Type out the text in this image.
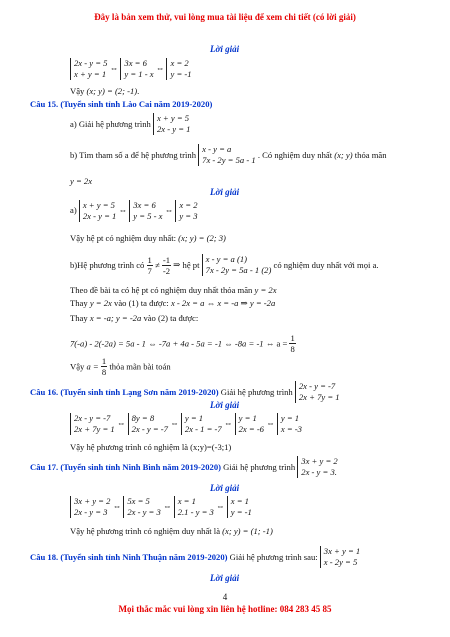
Đây là bản xem thử, vui lòng mua tài liệu để xem chi tiết (có lời giải)
Lời giải
2x - y = 5
x + y = 1
⇔ 3x = 6
y = 1 - x
⇔ x = 2
y = -1
Vậy (x; y) = (2; -1).
Câu 15. (Tuyển sinh tỉnh Lào Cai năm 2019-2020)
a) Giải hệ phương trình
x + y = 5
2x - y = 1
b) Tìm tham số a để hệ phương trình
x - y = a
7x - 2y = 5a - 1 . Có nghiệm duy nhất (x; y) thỏa mãn
y = 2x
Lời giải
a) x + y = 5
2x - y = 1
⇔ 3x = 6
y = 5 - x
⇔ x = 2
y = 3
Vậy hệ pt có nghiệm duy nhất: (x; y) = (2; 3)
b)Hệ phương trình có $\frac{1}{7} \ne \frac{-1}{-2}$ ⇒ hệ pt
x - y = a (1)
7x - 2y = 5a - 1 (2) có nghiệm duy nhất với mọi a.
Theo đề bài ta có hệ pt có nghiệm duy nhất thỏa mãn y = 2x
Thay y = 2x vào (1) ta được: x - 2x = a ⇔ x = -a ⇒ y = -2a
Thay x = -a; y = -2a vào (2) ta được:
7(-a) - 2(-2a) = 5a - 1 ⇔ -7a + 4a - 5a = -1 ⇔ -8a = -1 ⇔ $a = \frac{1}{8}$
Vậy $a = \frac{1}{8}$ thỏa mãn bài toán
Câu 16. (Tuyển sinh tỉnh Lạng Sơn năm 2019-2020) Giải hệ phương trình
2x - y = -7
2x + 7y = 1
Lời giải
2x - y = -7
2x + 7y = 1
⇔ 8y = 8
2x - y = -7
⇔ y = 1
2x - 1 = -7
⇔ y = 1
2x = -6
⇔ y = 1
x = -3
Vậy hệ phương trình có nghiệm là (x;y)=(-3;1)
Câu 17. (Tuyển sinh tỉnh Ninh Bình năm 2019-2020) Giải hệ phương trình
3x + y = 2
2x - y = 3.
Lời giải
3x + y = 2
2x - y = 3
⇔ 5x = 5
2x - y = 3
⇔ x = 1
2.1 - y = 3
⇔ x = 1
y = -1
Vậy hệ phương trình có nghiệm duy nhất là (x; y) = (1; -1)
Câu 18. (Tuyển sinh tỉnh Ninh Thuận năm 2019-2020) Giải hệ phương trình sau:
3x + y = 1
x - 2y = 5
Lời giải
4
Mọi thắc mắc vui lòng xin liên hệ hotline: 084 283 45 85
